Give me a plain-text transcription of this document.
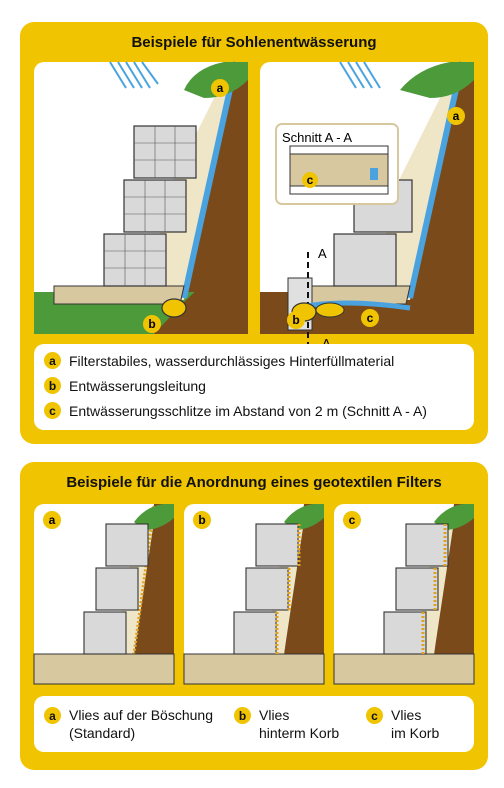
Beispiele für Sohlenentwässerung
a
b
A
Schnitt A - A
c
a
b	c
a Filterstabiles, wasserdurchlässiges Hinterfüllmaterial
b Entwässerungsleitung
c Entwässerungsschlitze im Abstand von 2 m (Schnitt A - A)
Beispiele für die Anordnung eines geotextilen Filters
a	b	c
a Vlies auf der Böschung
(Standard)
b Vlies
hinterm Korb
c Vlies
im Korb
